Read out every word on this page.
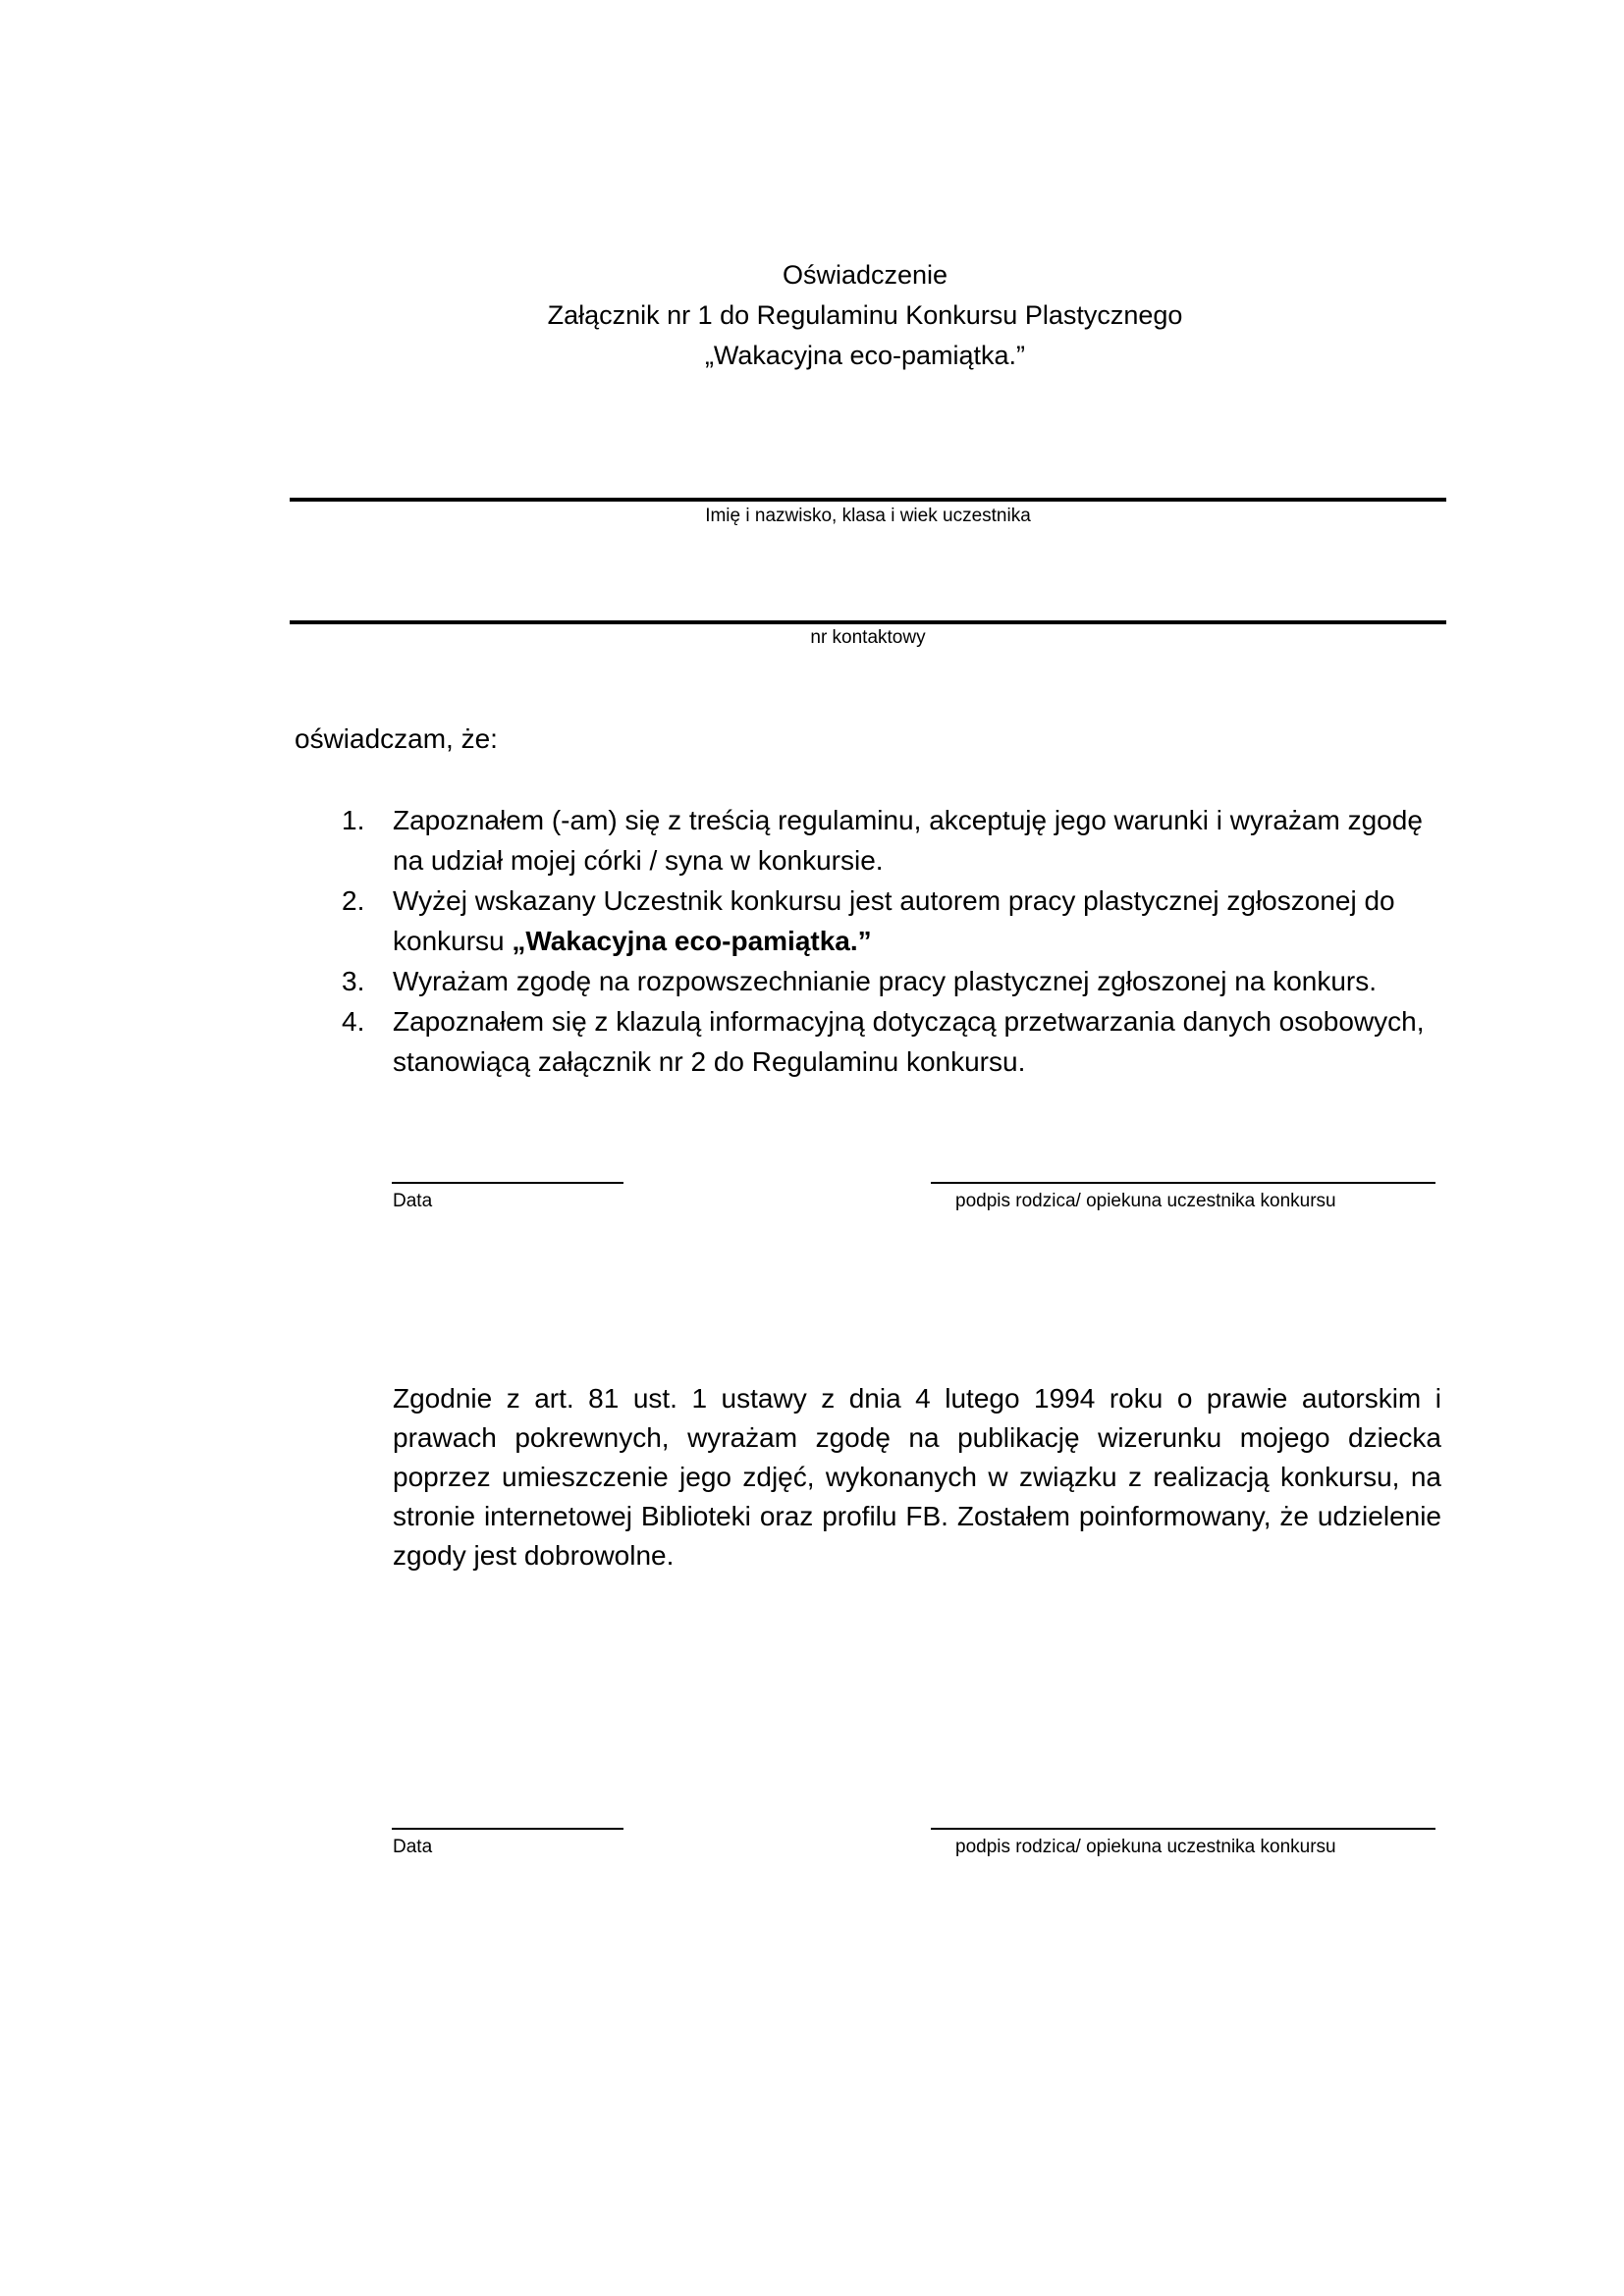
Oświadczenie
Załącznik nr 1 do Regulaminu Konkursu Plastycznego
„Wakacyjna eco-pamiątka.”
Imię i nazwisko, klasa i wiek uczestnika
nr kontaktowy
oświadczam, że:
1. Zapoznałem (-am) się z treścią regulaminu, akceptuję jego warunki i wyrażam zgodę na udział mojej córki / syna w konkursie.
2. Wyżej wskazany Uczestnik konkursu jest autorem pracy plastycznej zgłoszonej do konkursu „Wakacyjna eco-pamiątka.”
3. Wyrażam zgodę na rozpowszechnianie pracy plastycznej zgłoszonej na konkurs.
4. Zapoznałem się z klazulą informacyjną dotyczącą przetwarzania danych osobowych, stanowiącą załącznik nr 2 do Regulaminu konkursu.
Data	podpis rodzica/ opiekuna uczestnika konkursu

Zgodnie z art. 81 ust. 1 ustawy z dnia 4 lutego 1994 roku o prawie autorskim i prawach pokrewnych, wyrażam zgodę na publikację wizerunku mojego dziecka poprzez umieszczenie jego zdjęć, wykonanych w związku z realizacją konkursu, na stronie internetowej Biblioteki oraz profilu FB. Zostałem poinformowany, że udzielenie zgody jest dobrowolne.

Data	podpis rodzica/ opiekuna uczestnika konkursu
